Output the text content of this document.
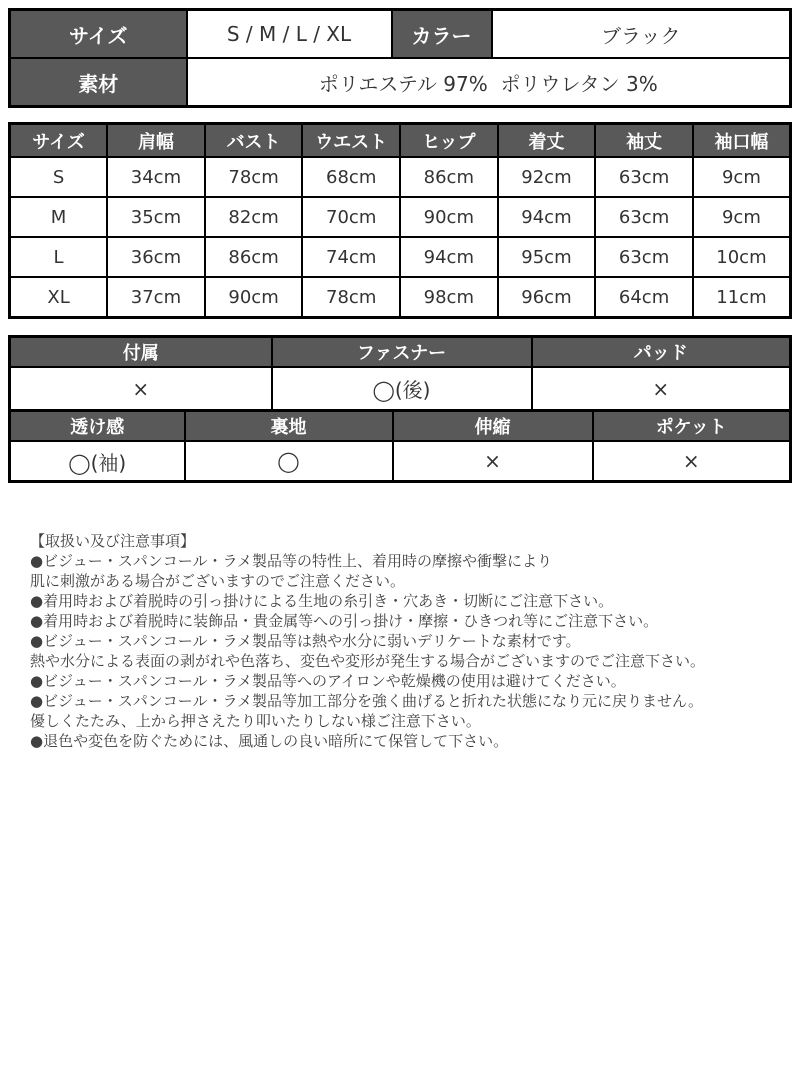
サイズ	S / M / L / XL	カラー	ブラック
素材	ポリエステル 97%  ポリウレタン 3%		
サイズ	肩幅	バスト	ウエスト	ヒップ	着丈	袖丈	袖口幅
S	34cm	78cm	68cm	86cm	92cm	63cm	9cm
M	35cm	82cm	70cm	90cm	94cm	63cm	9cm
L	36cm	86cm	74cm	94cm	95cm	63cm	10cm
XL	37cm	90cm	78cm	98cm	96cm	64cm	11cm
付属	ファスナー	パッド
×	◯(後)	×
透け感	裏地	伸縮	ポケット
◯(袖)	◯	×	×
【取扱い及び注意事項】
●ビジュー・スパンコール・ラメ製品等の特性上、着用時の摩擦や衝撃により
肌に刺激がある場合がございますのでご注意ください。
●着用時および着脱時の引っ掛けによる生地の糸引き・穴あき・切断にご注意下さい。
●着用時および着脱時に装飾品・貴金属等への引っ掛け・摩擦・ひきつれ等にご注意下さい。
●ビジュー・スパンコール・ラメ製品等は熱や水分に弱いデリケートな素材です。
熱や水分による表面の剥がれや色落ち、変色や変形が発生する場合がございますのでご注意下さい。
●ビジュー・スパンコール・ラメ製品等へのアイロンや乾燥機の使用は避けてください。
●ビジュー・スパンコール・ラメ製品等加工部分を強く曲げると折れた状態になり元に戻りません。
優しくたたみ、上から押さえたり叩いたりしない様ご注意下さい。
●退色や変色を防ぐためには、風通しの良い暗所にて保管して下さい。
